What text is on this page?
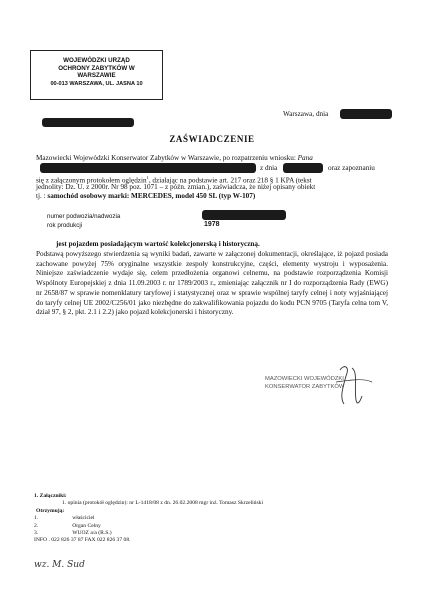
WOJEWÓDZKI URZĄD
OCHRONY ZABYTKÓW W
WARSZAWIE
00-013 WARSZAWA, UL. JASNA 10
Warszawa, dnia
ZAŚWIADCZENIE
Mazowiecki Wojewódzki Konserwator Zabytków w Warszawie, po rozpatrzeniu wniosku: Pana
z dnia	oraz zapoznaniu
się z załączonym protokołem oględzin$^1$, działając na podstawie art. 217 oraz 218 § 1 KPA (tekst
jednolity: Dz. U. z 2000r. Nr 98 poz. 1071 – z późn. zmian.), zaświadcza, że niżej opisany obiekt
tj. : samochód osobowy marki: MERCEDES, model 450 SL (typ W-107)
numer podwozia/nadwozia
rok produkcji	1978
jest pojazdem posiadającym wartość kolekcjonerską i historyczną.
Podstawą powyższego stwierdzenia są wyniki badań, zawarte w załączonej dokumentacji, określające, iż pojazd posiada zachowane powyżej 75% oryginalne wszystkie zespoły konstrukcyjne, części, elementy wystroju i wyposażenia. Niniejsze zaświadczenie wydaje się, celem przedłożenia organowi celnemu, na podstawie rozporządzenia Komisji Wspólnoty Europejskiej z dnia 11.09.2003 r. nr 1789/2003 r., zmieniając załącznik nr I do rozporządzenia Rady (EWG) nr 2658/87 w sprawie nomenklatury taryfowej i statystycznej oraz w sprawie wspólnej taryfy celnej i noty wyjaśniającej do taryfy celnej UE 2002/C256/01 jako niezbędne do zakwalifikowania pojazdu do kodu PCN 9705 (Taryfa celna tom V, dział 97, § 2, pkt. 2.1 i 2.2) jako pojazd kolekcjonerski i historyczny.
MAZOWIECKI WOJEWÓDZKI
KONSERWATOR ZABYTKÓW
1. Załączniki:
1. opinia (protokół oględzin): nr L-1418/08 z dn. 26.02.2008 mgr inż. Tomasz Skrzeliński
Otrzymują:
1.	właściciel
2.	Organ Celny
3.	WUOZ a/a (R.S.)
INFO . 022 826 37 87 FAX 022 826 37 08.
wz. M. Sud
